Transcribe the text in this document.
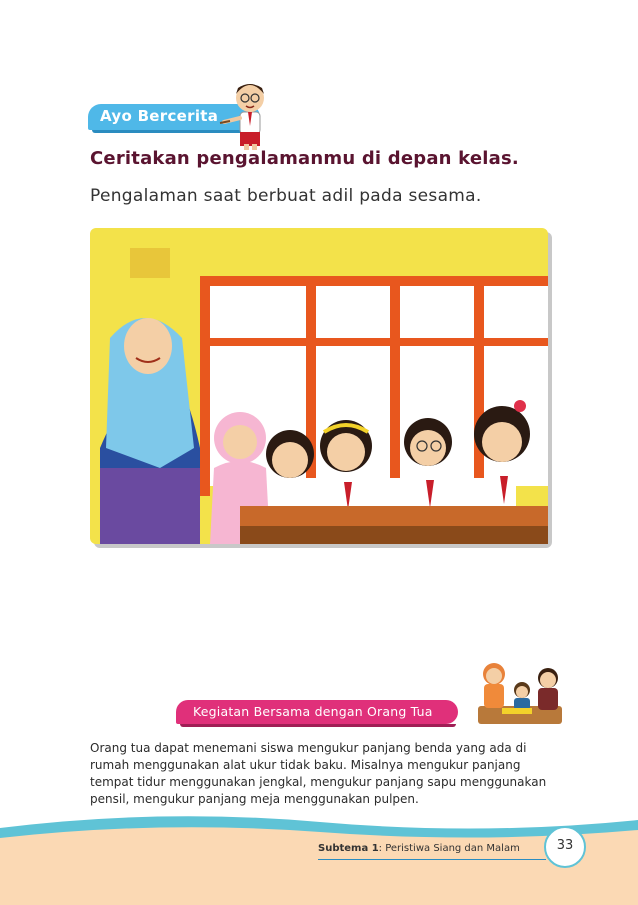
Ayo Bercerita
Ceritakan pengalamanmu di depan kelas.
Pengalaman saat berbuat adil pada sesama.
Kegiatan Bersama dengan Orang Tua
Orang tua dapat menemani siswa mengukur panjang benda yang ada di
rumah menggunakan alat ukur tidak baku. Misalnya mengukur panjang
tempat tidur menggunakan jengkal, mengukur panjang sapu menggunakan
pensil, mengukur panjang meja menggunakan pulpen.
Subtema 1: Peristiwa Siang dan Malam	33
